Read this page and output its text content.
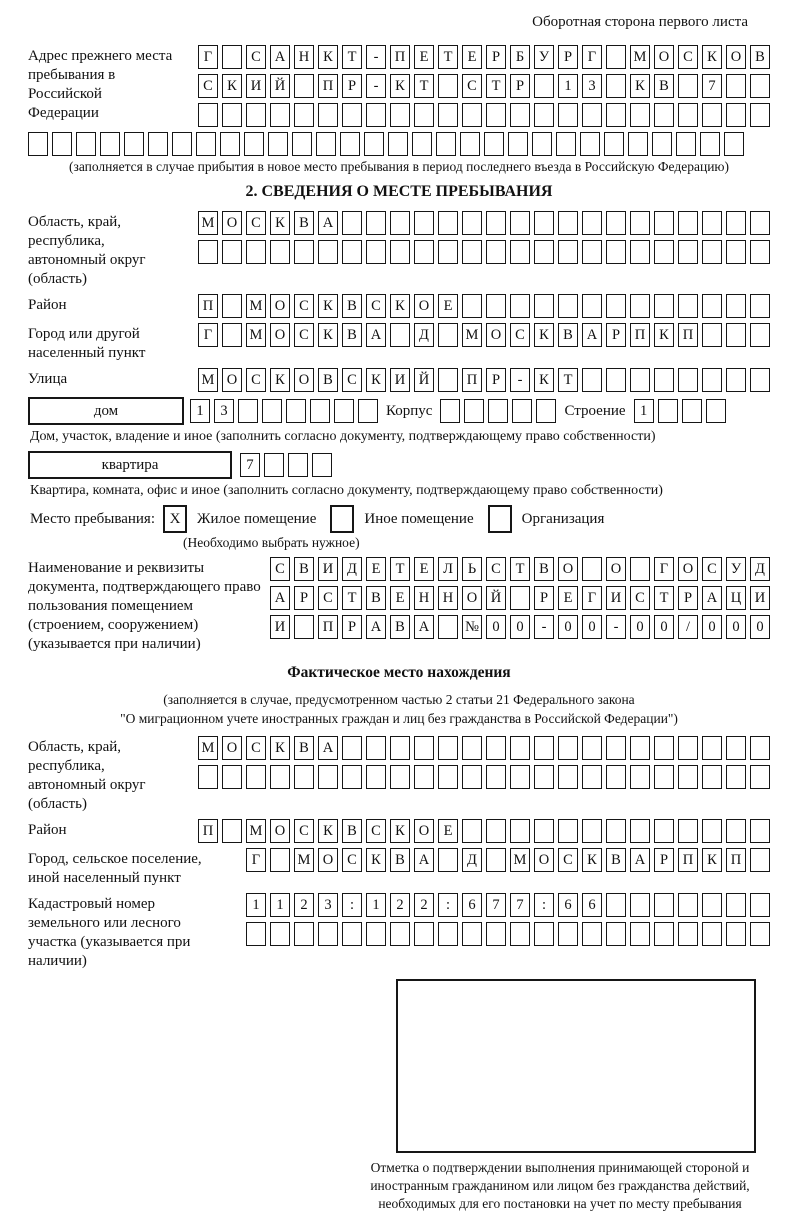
Оборотная сторона первого листа
Адрес прежнего места пребывания в Российской Федерации
Г	С А Н К	Т	-	П Е	Т	Е	Р	Б	У	Р	Г	М О С К О В
С К И Й	П	Р	-	К	Т	С	Т	Р	1	3	К В	7
(заполняется в случае прибытия в новое место пребывания в период последнего въезда в Российскую Федерацию)
2. СВЕДЕНИЯ О МЕСТЕ ПРЕБЫВАНИЯ
Область, край, республика, автономный округ (область)
М О С К В А
Район	П	М О С К В С К О Е
Город или другой населенный пункт
Г	М О С К В А	Д	М О С К В А	Р	П К П
Улица	М О С К О В С К И Й	П	Р	-	К	Т
дом	1	3	Корпус	Строение 1
Дом, участок, владение и иное (заполнить согласно документу, подтверждающему право собственности)
квартира	7
Квартира, комната, офис и иное (заполнить согласно документу, подтверждающему право собственности)
Место пребывания: X	Жилое помещение	Иное помещение	Организация
(Необходимо выбрать нужное)
Наименование и реквизиты документа, подтверждающего право пользования помещением (строением, сооружением) (указывается при наличии)
С В И Д	Е	Т	Е	Л	Ь	С	Т	В О	О	Г	О С У Д
А	Р	С	Т	В	Е Н Н О Й	Р	Е	Г	И С	Т	Р	А Ц И
И	П	Р	А В А	№ 0	0	-	0	0	-	0	0	/	0	0	0
Фактическое место нахождения
(заполняется в случае, предусмотренном частью 2 статьи 21 Федерального закона
"О миграционном учете иностранных граждан и лиц без гражданства в Российской Федерации")
Область, край, республика, автономный округ (область)
М О С К В А
Район	П	М О С К В С К О Е
Город, сельское поселение, иной населенный пункт
Г	М О С К В А	Д	М О С К В А	Р	П К П
Кадастровый номер земельного или лесного участка (указывается при наличии)
1	1	2	3	:	1	2	2	:	6	7	7	:	6	6
Отметка о подтверждении выполнения принимающей стороной и иностранным гражданином или лицом без гражданства действий, необходимых для его постановки на учет по месту пребывания
